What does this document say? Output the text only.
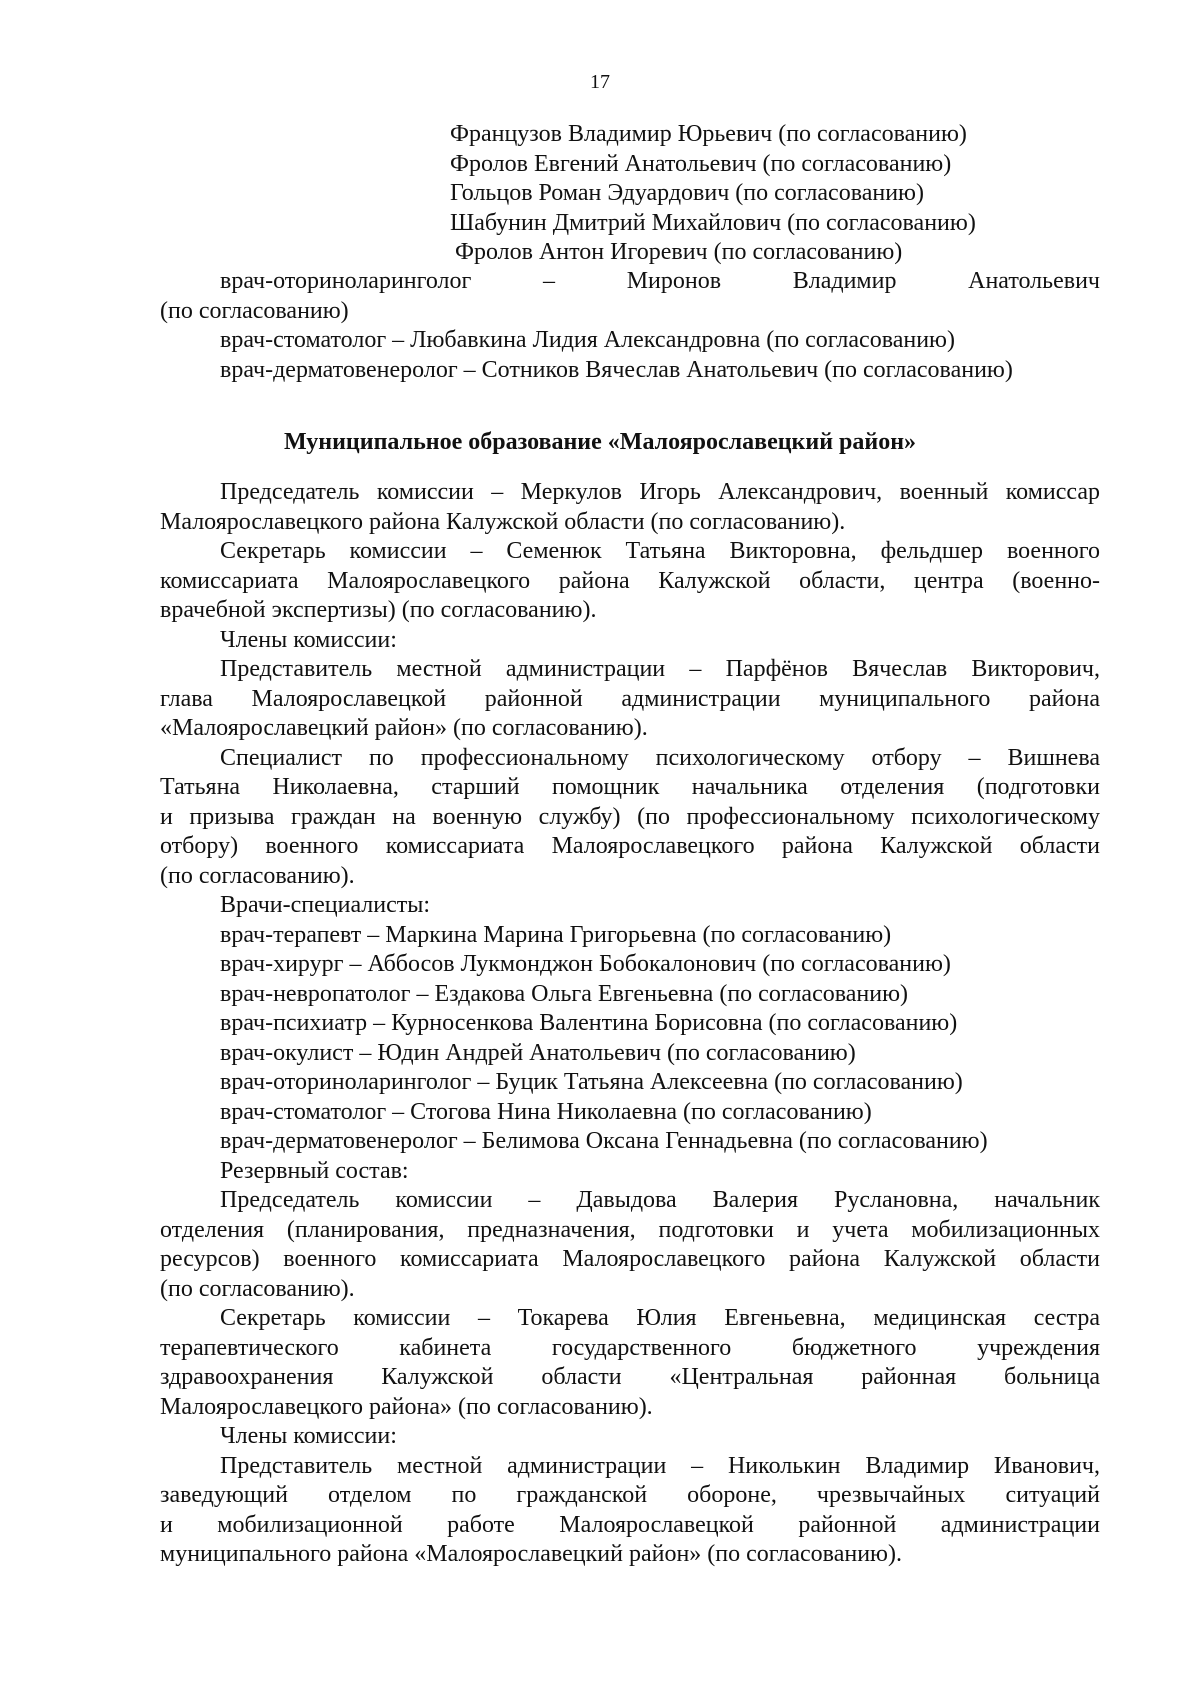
17

Французов Владимир Юрьевич (по согласованию)

Фролов Евгений Анатольевич (по согласованию)

Гольцов Роман Эдуардович (по согласованию)

Шабунин Дмитрий Михайлович (по согласованию)

Фролов Антон Игоревич (по согласованию)

врач-оториноларинголог – Миронов Владимир Анатольевич

(по согласованию)

врач-стоматолог – Любавкина Лидия Александровна (по согласованию)

врач-дерматовенеролог – Сотников Вячеслав Анатольевич (по согласованию)

Муниципальное образование «Малоярославецкий район»

Председатель комиссии – Меркулов Игорь Александрович, военный комиссар

Малоярославецкого района Калужской области (по согласованию).

Секретарь комиссии – Семенюк Татьяна Викторовна, фельдшер военного

комиссариата Малоярославецкого района Калужской области, центра (военно-

врачебной экспертизы) (по согласованию).

Члены комиссии:

Представитель местной администрации – Парфёнов Вячеслав Викторович,

глава Малоярославецкой районной администрации муниципального района

«Малоярославецкий район» (по согласованию).

Специалист по профессиональному психологическому отбору – Вишнева

Татьяна Николаевна, старший помощник начальника отделения (подготовки

и призыва граждан на военную службу) (по профессиональному психологическому

отбору) военного комиссариата Малоярославецкого района Калужской области

(по согласованию).

Врачи-специалисты:

врач-терапевт – Маркина Марина Григорьевна (по согласованию)

врач-хирург – Аббосов Лукмонджон Бобокалонович (по согласованию)

врач-невропатолог – Ездакова Ольга Евгеньевна (по согласованию)

врач-психиатр – Курносенкова Валентина Борисовна (по согласованию)

врач-окулист – Юдин Андрей Анатольевич (по согласованию)

врач-оториноларинголог – Буцик Татьяна Алексеевна (по согласованию)

врач-стоматолог – Стогова Нина Николаевна (по согласованию)

врач-дерматовенеролог – Белимова Оксана Геннадьевна (по согласованию)

Резервный состав:

Председатель комиссии – Давыдова Валерия Руслановна, начальник

отделения (планирования, предназначения, подготовки и учета мобилизационных

ресурсов) военного комиссариата Малоярославецкого района Калужской области

(по согласованию).

Секретарь комиссии – Токарева Юлия Евгеньевна, медицинская сестра

терапевтического кабинета государственного бюджетного учреждения

здравоохранения Калужской области «Центральная районная больница

Малоярославецкого района» (по согласованию).

Члены комиссии:

Представитель местной администрации – Николькин Владимир Иванович,

заведующий отделом по гражданской обороне, чрезвычайных ситуаций

и мобилизационной работе Малоярославецкой районной администрации

муниципального района «Малоярославецкий район» (по согласованию).
